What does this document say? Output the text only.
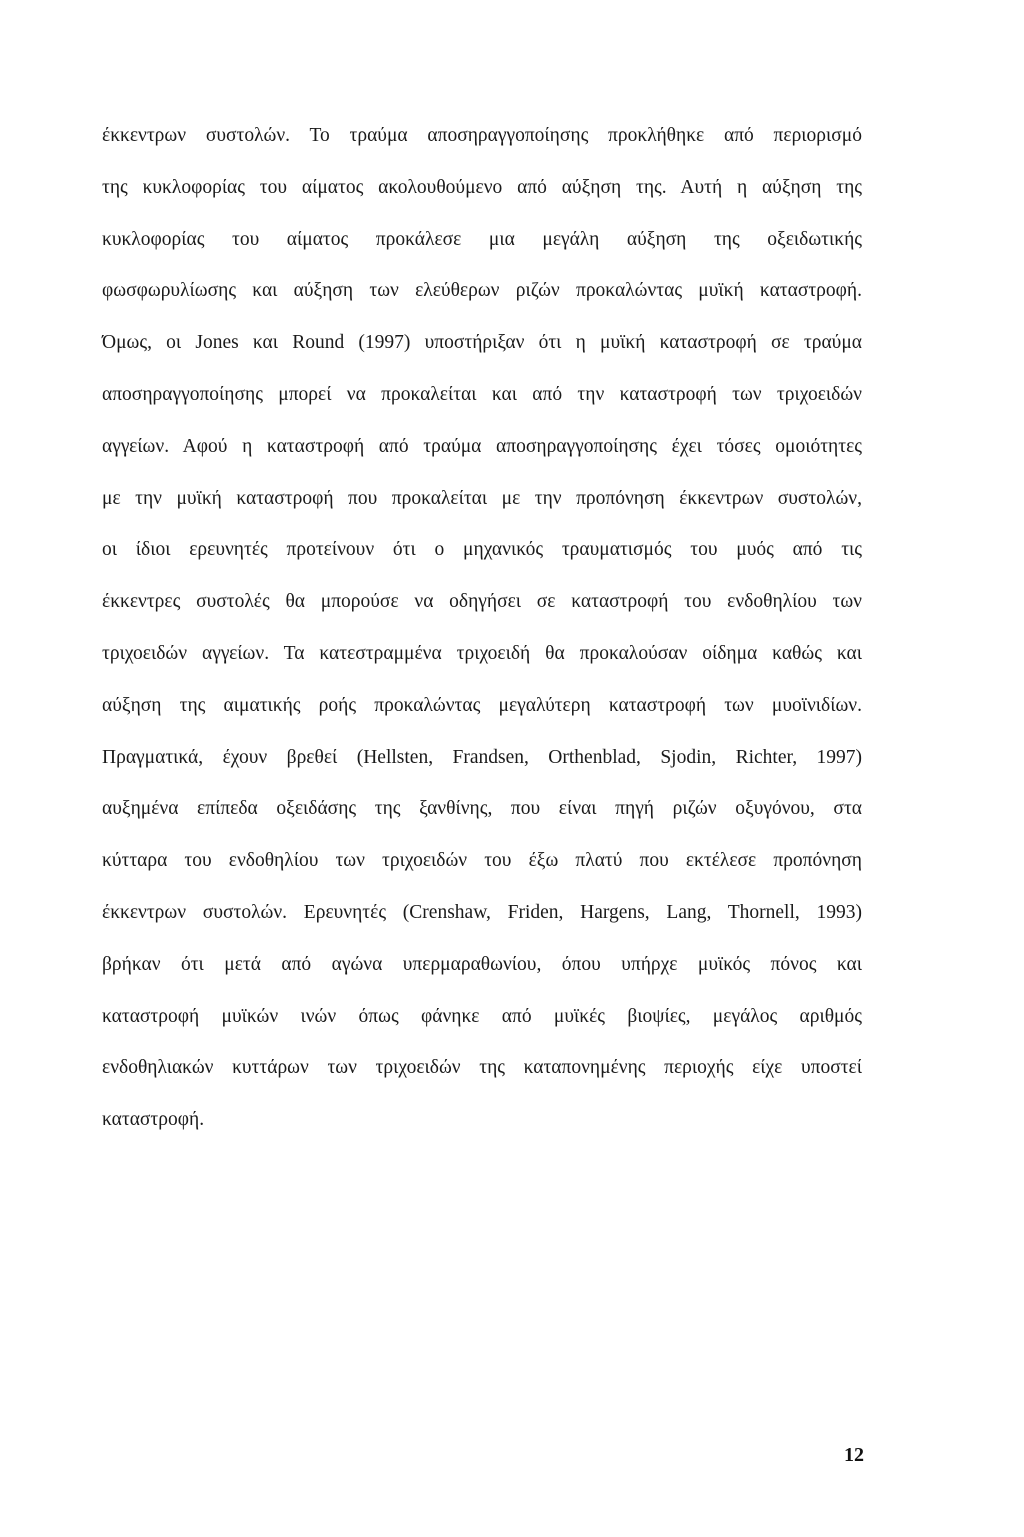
έκκεντρων συστολών. Το τραύμα αποσηραγγοποίησης προκλήθηκε από περιορισμό
της κυκλοφορίας του αίματος ακολουθούμενο από αύξηση της. Αυτή η αύξηση της
κυκλοφορίας του αίματος προκάλεσε μια μεγάλη αύξηση της οξειδωτικής
φωσφωρυλίωσης και αύξηση των ελεύθερων ριζών προκαλώντας μυϊκή καταστροφή.
Όμως, οι Jones και Round (1997) υποστήριξαν ότι η μυϊκή καταστροφή σε τραύμα
αποσηραγγοποίησης μπορεί να προκαλείται και από την καταστροφή των τριχοειδών
αγγείων. Αφού η καταστροφή από τραύμα αποσηραγγοποίησης έχει τόσες ομοιότητες
με την μυϊκή καταστροφή που προκαλείται με την προπόνηση έκκεντρων συστολών,
οι ίδιοι ερευνητές προτείνουν ότι ο μηχανικός τραυματισμός του μυός από τις
έκκεντρες συστολές θα μπορούσε να οδηγήσει σε καταστροφή του ενδοθηλίου των
τριχοειδών αγγείων. Τα κατεστραμμένα τριχοειδή θα προκαλούσαν οίδημα καθώς και
αύξηση της αιματικής ροής προκαλώντας μεγαλύτερη καταστροφή των μυοϊνιδίων.
Πραγματικά, έχουν βρεθεί (Hellsten, Frandsen, Orthenblad, Sjodin, Richter, 1997)
αυξημένα επίπεδα οξειδάσης της ξανθίνης, που είναι πηγή ριζών οξυγόνου, στα
κύτταρα του ενδοθηλίου των τριχοειδών του έξω πλατύ που εκτέλεσε προπόνηση
έκκεντρων συστολών. Ερευνητές (Crenshaw, Friden, Hargens, Lang, Thornell, 1993)
βρήκαν ότι μετά από αγώνα υπερμαραθωνίου, όπου υπήρχε μυϊκός πόνος και
καταστροφή μυϊκών ινών όπως φάνηκε από μυϊκές βιοψίες, μεγάλος αριθμός
ενδοθηλιακών κυττάρων των τριχοειδών της καταπονημένης περιοχής είχε υποστεί
καταστροφή.
12
